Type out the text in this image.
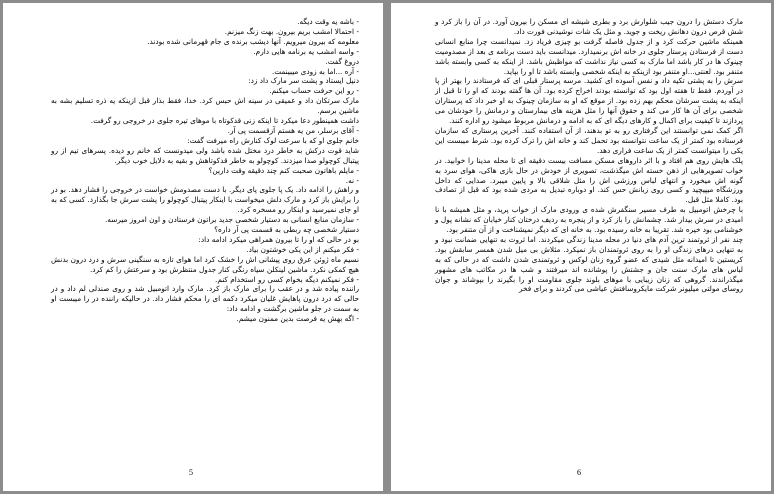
- باشه یه وقت دیگه.

- احتمالا امشب بریم بیرون. بهت زنگ میزنم.

معلومه که بیرون میرویم. آنها دیشب برنده ی جام قهرمانی شده بودند.

- واسه امشب یه برنامه هایی دارم.

دروغ گفت.

- آره ...اما به زودی میبینمت.

دنیل ایستاد و پشت سر مارک داد زد:

- رو این حرفت حساب میکنم.

مارک سرتکان داد و عمیقی در سینه اش حبس کرد. خدا، فقط بذار قبل ازینکه یه ذره تسلیم بشه به ماشین برسم.

داشت همینطور دعا میکرد تا اینکه زنی قدکوتاه با موهای تیره جلوی در خروجی رو گرفت.

- آقای برسلر، من یه هستم آزقسمت پی آر.

خانم جلوی او که با سرعت لوک کنارش راه میرفت گفت:

شاید قوت درکش به خاطر درد مختل شده باشد ولی میدونست که خانم رو دیده. پسرهای تیم از رو پیتبال کوچولو صدا میزدند. کوچولو به خاطر قدکوتاهش و بقیه به دلایل خوب دیگر.

- مایلم باهاتون صحبت کنم چند دقیقه وقت دارین؟

- نه.

و راهش را ادامه داد. یک پا جلوی پای دیگر. با دست مصدومش خواست در خروجی را فشار دهد. بو در را برایش باز کرد و مارک دلش میخواست با اینکار پیتبال کوچولو را پشت سرش جا بگذارد. کسی که به او جای نمیرسید و اینکار رو مسخره کرد.

- سازمان منابع انسانی به دستیار شخصی جدید براتون فرستادن و اون امروز میرسه.

دستیار شخصی چه ربطی به قسمت پی آر داره؟

بو در حالی که او را تا بیرون همراهی میکرد ادامه داد:

- فکر میکنم از این یکی خوشتون بیاد.

نسیم ماه ژوئن عرق روی پیشانی اش را خشک کرد اما هوای تازه به سنگینی سرش و درد درون بدنش هیچ کمکی نکرد. ماشین لینکلن سیاه رنگی کنار جدول منتظرش بود و سرعتش را کم کرد.

- فکر نمیکنم دیگه بخوام کسی رو استخدام کنم.

راننده پیاده شد و در عقب را برای مارک باز کرد. مارک وارد اتومبیل شد و روی صندلی لم داد و در حالی که درد درون پاهایش غلیان میکرد دکمه ای را محکم فشار داد. در حالیکه راننده در را میبست او به سمت در جلو ماشین برگشت و ادامه داد:

- اگه بهش یه فرصت بدین ممنون میشم.

5

مارک دستش را درون جیب شلوارش برد و بطری شیشه ای مسکن را بیرون آورد. در آن را باز کرد و شش قرص درون دهانش ریخت و جوید. و مثل یک شات نوشیدنی فورت داد.

همینکه ماشین حرکت کرد و از جدول فاصله گرفت بو چیزی فریاد زد. نمیدانست چرا منابع انسانی دست از فرستادن پرستار جلوی در خانه اش برنمیدارد. میدانست باید دست برنامه ی بعد از مصدومیت چینوک ها در کار باشد اما مارک به کسی نیاز نداشت که مواظبش باشد. از اینکه به کسی وابسته باشد متنفر بود. لعنتی...او متنفر بود ازینکه به اینکه شخصی وابسته باشد تا او را بپاید.

سرش را به پشتی تکیه داد و نفس آسوده ای کشید. مرسه پرستار قبلی ای که فرستادند را بهتر از پا در آوردم. فقط تا هفته اول بود که توانسته بودند اخراج کرده بود. آن ها گفته بودند که او را تا قبل از اینکه به پشت سرشان محکم بهم زده بود. از موقع که او به سازمان چینوک به او خبر داد که پرستاران شخصی برای آن ها کار می کند و حقوق آنها را مثل هزینه های بیمارستان و درمانش را خودشان می پردازند تا کیفیت برای اکمال و کارهای دیگه ای که به ادامه و درمانش مربوط میشود رو اداره کنند.

اگر کمک نمی توانستند این گرفتاری رو به تو بدهند، از آن استفاده کنند. آخرین پرستاری که سازمان فرستاده بود کمتر از یک ساعت نتوانسته بود تحمل کند و خانه اش را ترک کرده بود. شرط میبست این یکی را میتوانست کمتر از یک ساعت فراری دهد.

پلک هایش روی هم افتاد و با اثر داروهای مسکن مسافت بیست دقیقه ای تا محله مدینا را خوابید. در خواب تصویرهایی از ذهن خسته اش میگذشت، تصویری از خودش در حال بازی هاکی، هوای سرد به گونه اش میخورد و انتهای لباس ورزشی اش را مثل شلاقی بالا و پایین میبرد. صدایی که داخل ورزشگاه میپیچید و کسی روی زبانش حس کند. او دوباره تبدیل به مردی شده بود که قبل از تصادف بود. کاملا مثل قبل.

با چرخش اتومبیل به طرف مسیر سنگفرش شده ی ورودی مارک از خواب پرید، و مثل همیشه با نا امیدی در سرش بیدار شد. چشمانش را باز کرد و از پنجره به ردیف درختان کنار خیابان که نشانه پول و خوشنامی بود خیره شد. تقریبا به خانه رسیده بود. به خانه ای که دیگر نمیشناخت و از آن متنفر بود.

چند نفر از ثروتمند ترین آدم های دنیا در محله مدینا زندگی میکردند. اما ثروت به تنهایی ضمانت نبود و به تنهایی درهای زندگی او را به روی ثروتمندان باز نمیکرد. مثلاش بی میل شدن همسر سابقش بود. کریستین تا امیدانه مثل شیدی که عضو گروه زنان لوکس و ثروتمندی شدن داشت که در حالی که به لباس های مارک سنت جان و جشتش را پوشانده اند میرفتند و شب ها در مکاتب های مشهور میگذراندند. گروهی که زنان زیبایی با موهای بلوند جلوی مقاومت او را بگیرند را بپوشاند و جوان روسای مولتی میلیونر شرکت مایکروسافتش عیاشی می کردند و برای فخر

6
